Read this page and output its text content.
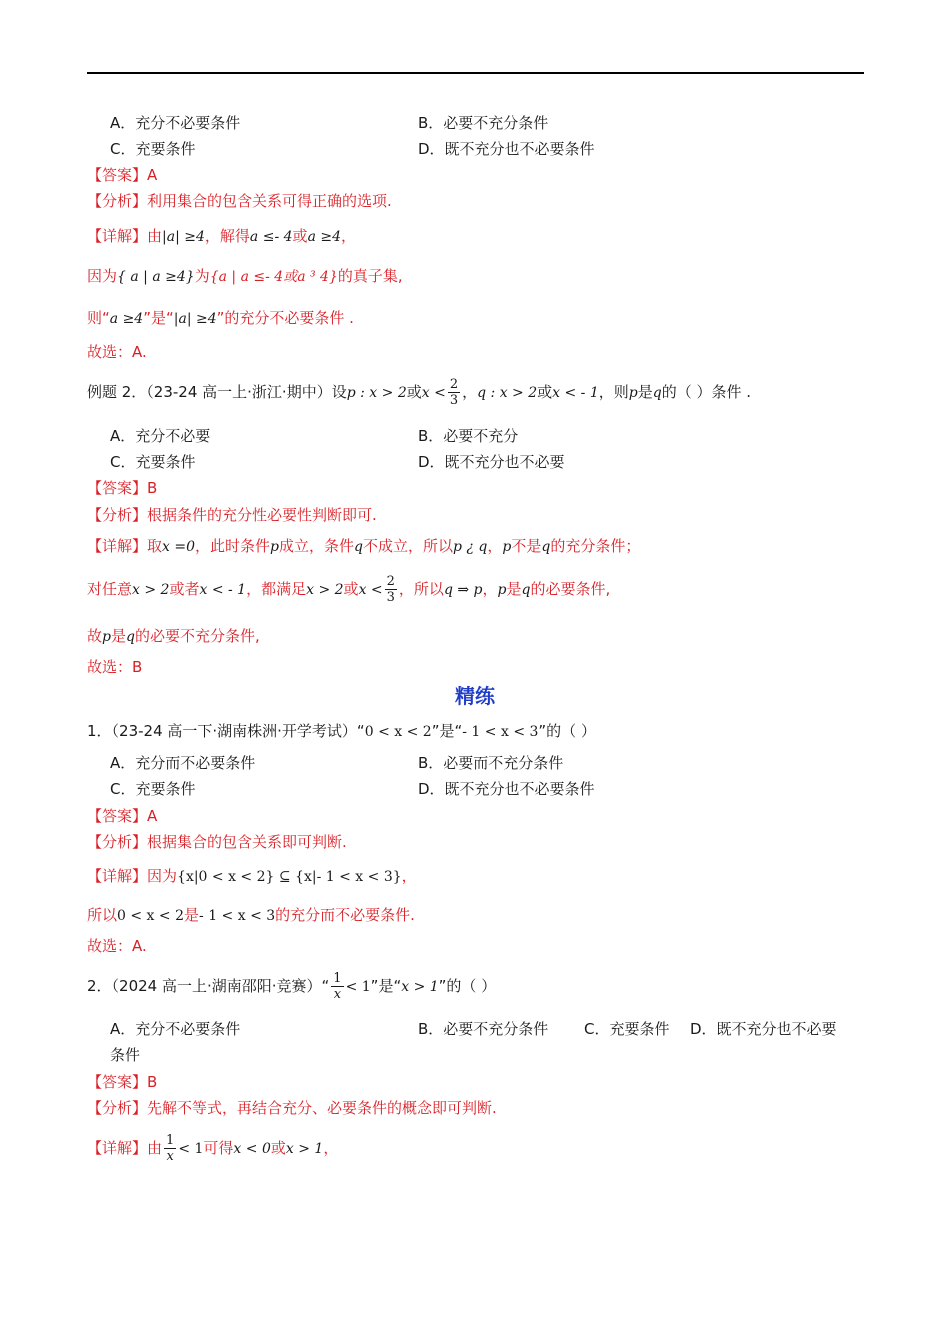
A．充分不必要条件	B．必要不充分条件
C．充要条件	D．既不充分也不必要条件
【答案】A
【分析】利用集合的包含关系可得正确的选项.
【详解】由|a| ≥4，解得a ≤- 4或a ≥4，
因为{ a | a ≥4}为{a | a ≤- 4或a ³ 4}的真子集,
则“a ≥4”是“|a| ≥4”的充分不必要条件 .
故选：A.
例题 2．（23-24 高一上·浙江·期中）设p : x > 2或$x < \frac{2}{3}$ ，q : x > 2或x < - 1，则p是q的（ ）条件 .
A．充分不必要	B．必要不充分
C．充要条件	D．既不充分也不必要
【答案】B
【分析】根据条件的充分性必要性判断即可.
【详解】取x =0，此时条件p成立，条件q不成立，所以p ¿ q，p不是q的充分条件；
对任意x > 2或者x < - 1，都满足x > 2或$x < \frac{2}{3}$ ，所以q ⇒ p，p是q的必要条件,
故p是q的必要不充分条件,
故选：B
精练
1．（23-24 高一下·湖南株洲·开学考试）“0 < x < 2”是“- 1 < x < 3”的（ ）
A．充分而不必要条件	B．必要而不充分条件
C．充要条件	D．既不充分也不必要条件
【答案】A
【分析】根据集合的包含关系即可判断.
【详解】因为{x|0 < x < 2} ⊆ {x|- 1 < x < 3}，
所以0 < x < 2是- 1 < x < 3的充分而不必要条件.
故选：A.
2．（2024 高一上·湖南邵阳·竞赛）“ $\frac{1}{x} < 1$”是“x > 1”的（ ）
A．充分不必要条件	B．必要不充分条件 C．充要条件 D．既不充分也不必要
条件
【答案】B
【分析】先解不等式，再结合充分、必要条件的概念即可判断.
【详解】由 $\frac{1}{x} < 1$可得x < 0或x > 1，
